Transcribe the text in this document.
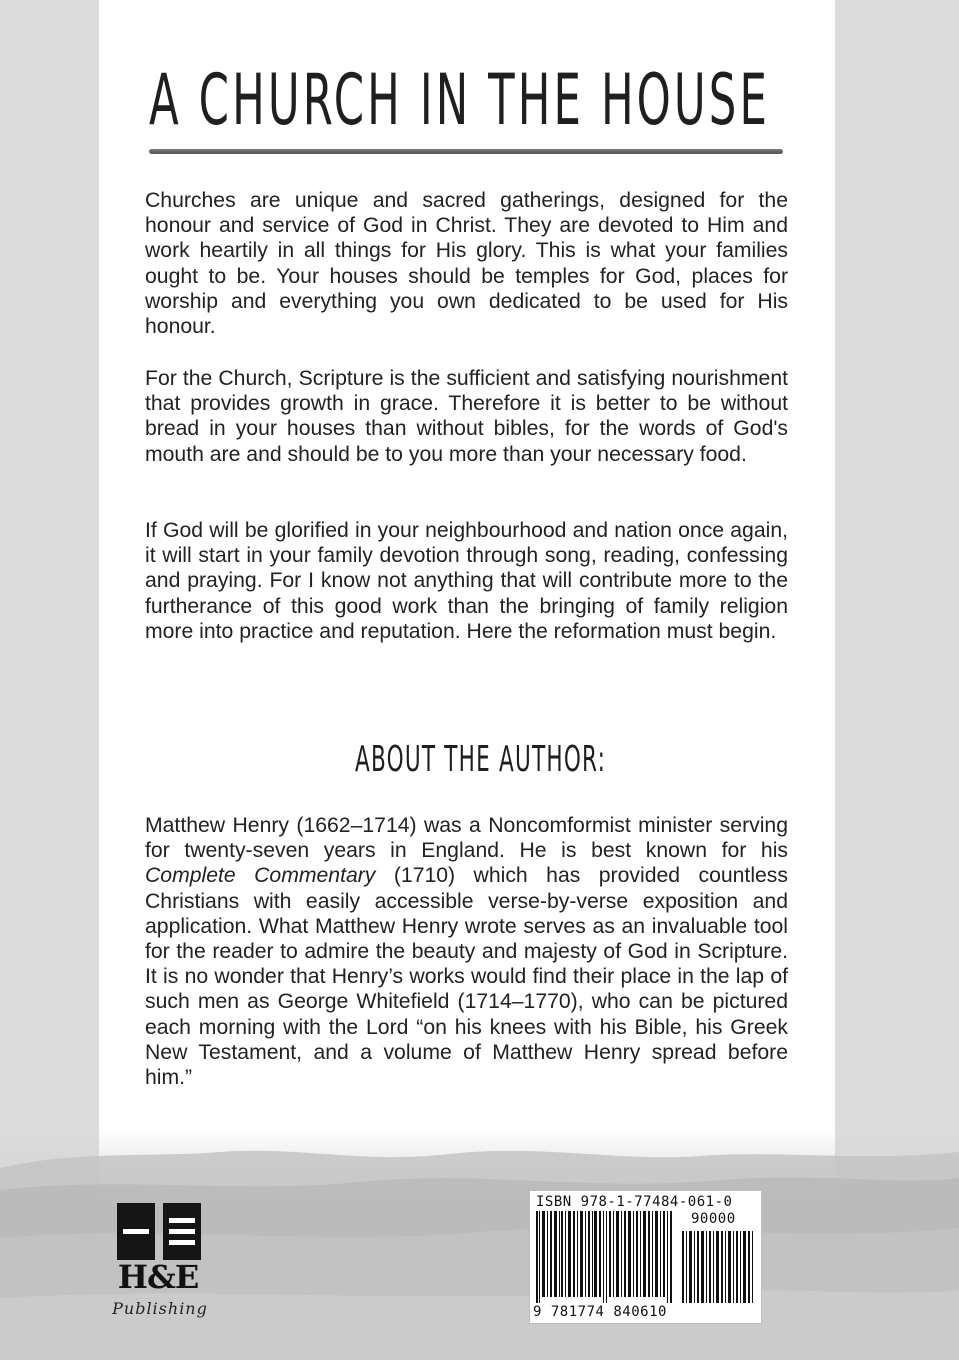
A CHURCH IN THE HOUSE

Churches are unique and sacred gatherings, designed for the honour and service of God in Christ. They are devoted to Him and work heartily in all things for His glory. This is what your families ought to be. Your houses should be temples for God, places for worship and everything you own dedicated to be used for His honour.

For the Church, Scripture is the sufficient and satisfying nourishment that provides growth in grace. Therefore it is better to be without bread in your houses than without bibles, for the words of God's mouth are and should be to you more than your necessary food.

If God will be glorified in your neighbourhood and nation once again, it will start in your family devotion through song, reading, confessing and praying. For I know not anything that will contribute more to the furtherance of this good work than the bringing of family religion more into practice and reputation. Here the reformation must begin.

ABOUT THE AUTHOR:

Matthew Henry (1662–1714) was a Noncomformist minister serving for twenty-seven years in England. He is best known for his Complete Commentary (1710) which has provided countless Christians with easily accessible verse-by-verse exposition and application. What Matthew Henry wrote serves as an invaluable tool for the reader to admire the beauty and majesty of God in Scripture. It is no wonder that Henry’s works would find their place in the lap of such men as George Whitefield (1714–1770), who can be pictured each morning with the Lord “on his knees with his Bible, his Greek New Testament, and a volume of Matthew Henry spread before him.”

H&E
Publishing
ISBN 978-1-77484-061-0
90000
9 781774 840610
